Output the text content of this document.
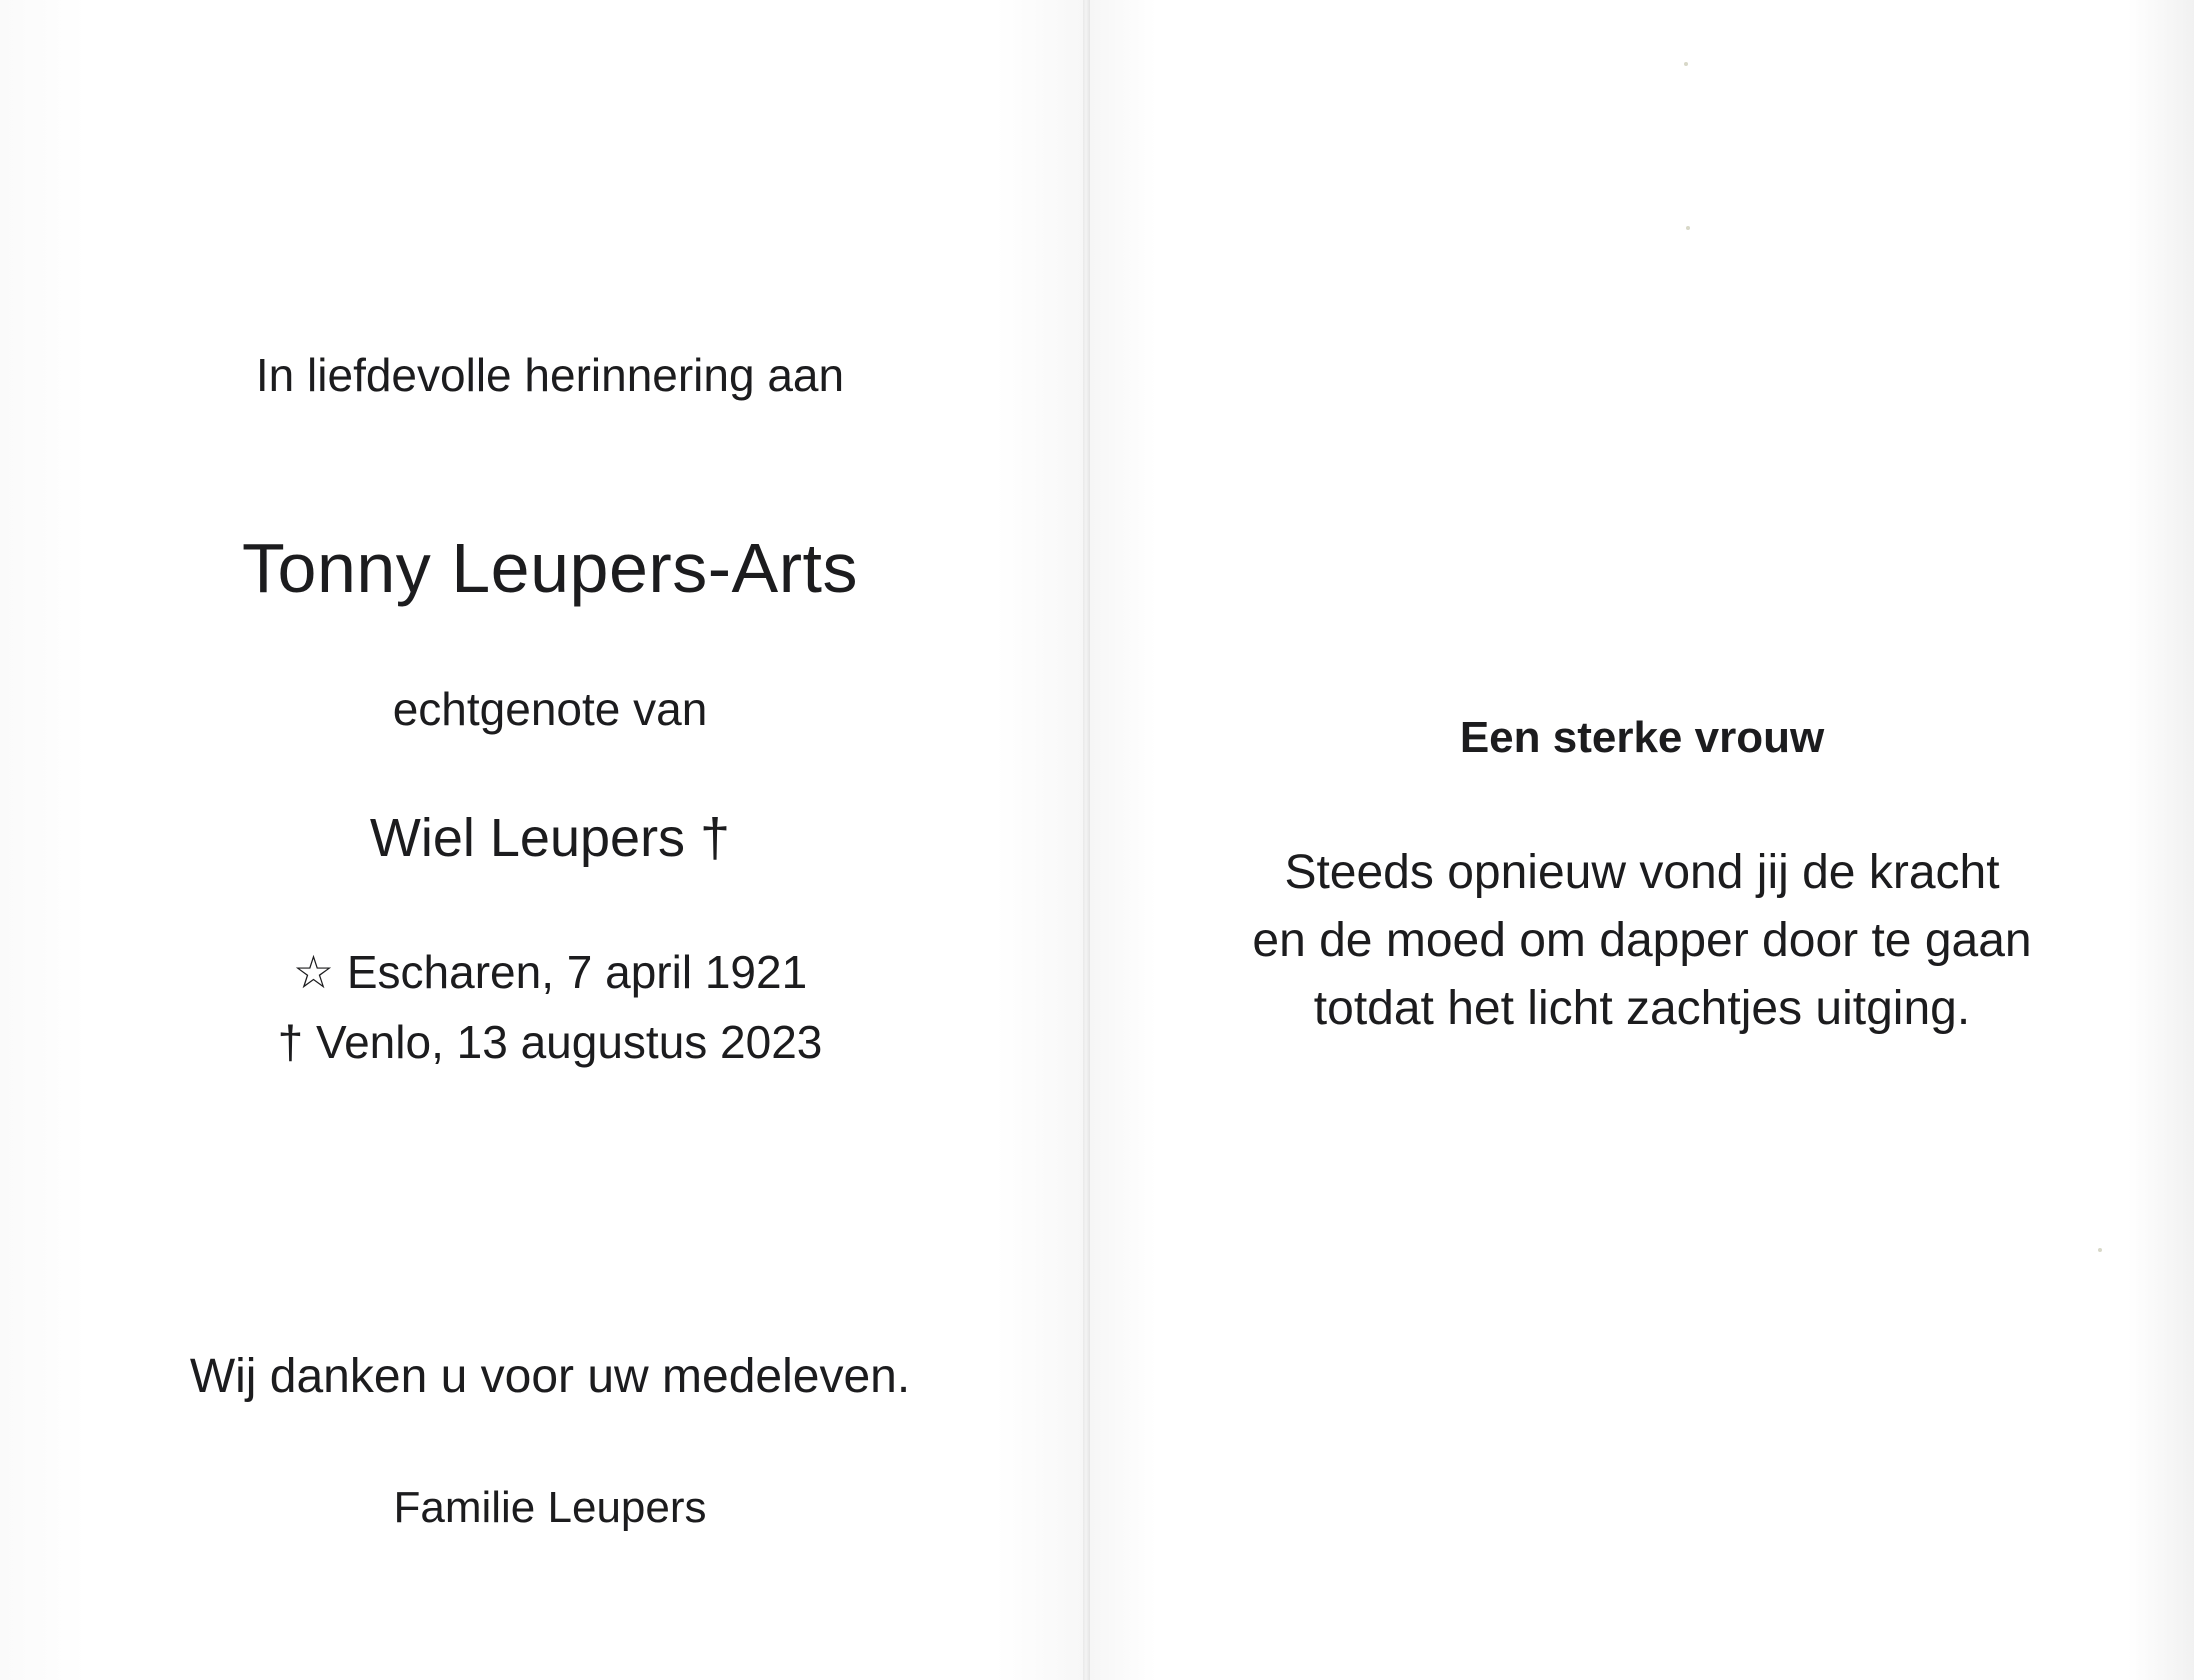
In liefdevolle herinnering aan
Tonny Leupers-Arts
echtgenote van
Wiel Leupers †
☆ Escharen, 7 april 1921
† Venlo, 13 augustus 2023
Wij danken u voor uw medeleven.
Familie Leupers
Een sterke vrouw
Steeds opnieuw vond jij de kracht
en de moed om dapper door te gaan
totdat het licht zachtjes uitging.
